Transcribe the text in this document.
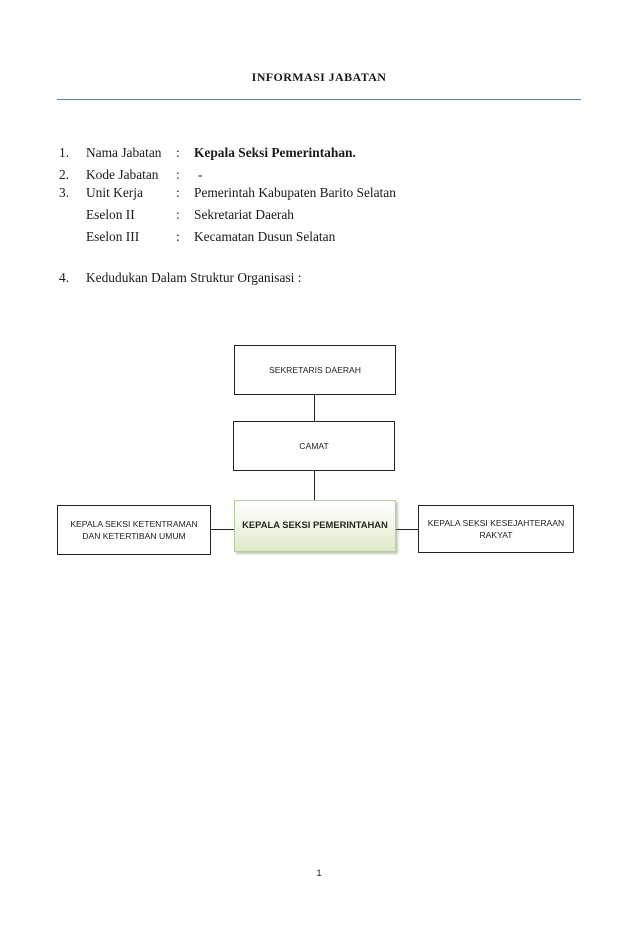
INFORMASI JABATAN
1. Nama Jabatan : Kepala Seksi Pemerintahan.
2. Kode Jabatan : -
3. Unit Kerja : Pemerintah Kabupaten Barito Selatan
Eselon II	: Sekretariat Daerah
Eselon III	: Kecamatan Dusun Selatan
4. Kedudukan Dalam Struktur Organisasi :
SEKRETARIS DAERAH
CAMAT
KEPALA SEKSI PEMERINTAHAN
KEPALA SEKSI KETENTRAMAN DAN KETERTIBAN UMUM
KEPALA SEKSI KESEJAHTERAAN RAKYAT
1
